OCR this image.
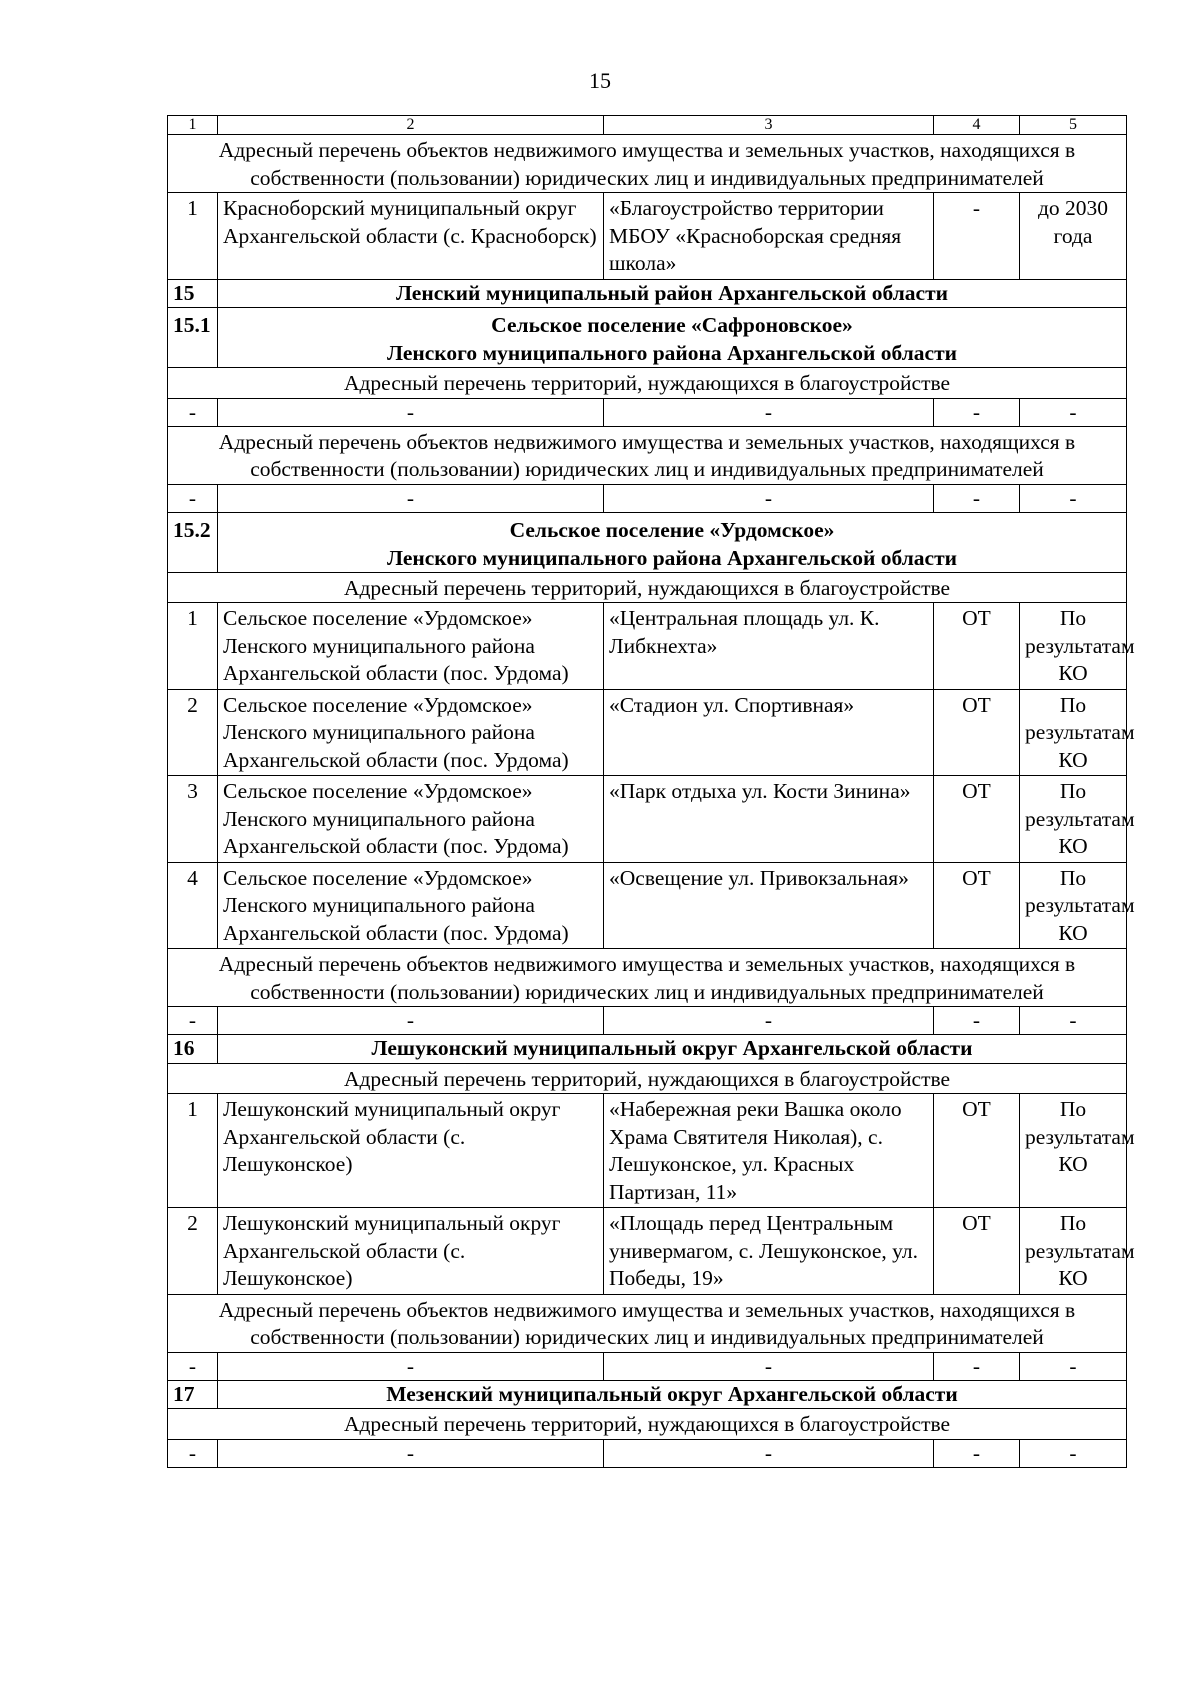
15
1	2	3	4	5
Адресный перечень объектов недвижимого имущества и земельных участков, находящихся в собственности (пользовании) юридических лиц и индивидуальных предпринимателей				
1	Красноборский муниципальный округ Архангельской области (с. Красноборск)	«Благоустройство территории МБОУ «Красноборская средняя школа»	-	до 2030 года
15	Ленский муниципальный район Архангельской области			
15.1	Сельское поселение «Сафроновское»
Ленского муниципального района Архангельской области			

Адресный перечень территорий, нуждающихся в благоустройстве				
-	-	-	-	-
Адресный перечень объектов недвижимого имущества и земельных участков, находящихся в собственности (пользовании) юридических лиц и индивидуальных предпринимателей				
-	-	-	-	-
15.2	Сельское поселение «Урдомское»
Ленского муниципального района Архангельской области			

Адресный перечень территорий, нуждающихся в благоустройстве				
1	Сельское поселение «Урдомское» Ленского муниципального района Архангельской области (пос. Урдома)	«Центральная площадь ул. К. Либкнехта»	ОТ	По результатам КО
2	Сельское поселение «Урдомское» Ленского муниципального района Архангельской области (пос. Урдома)	«Стадион ул. Спортивная»	ОТ	По результатам КО
3	Сельское поселение «Урдомское» Ленского муниципального района Архангельской области (пос. Урдома)	«Парк отдыха ул. Кости Зинина»	ОТ	По результатам КО
4	Сельское поселение «Урдомское» Ленского муниципального района Архангельской области (пос. Урдома)	«Освещение ул. Привокзальная»	ОТ	По результатам КО
Адресный перечень объектов недвижимого имущества и земельных участков, находящихся в собственности (пользовании) юридических лиц и индивидуальных предпринимателей				
-	-	-	-	-
16	Лешуконский муниципальный округ Архангельской области			
Адресный перечень территорий, нуждающихся в благоустройстве				
1	Лешуконский муниципальный округ Архангельской области (с. Лешуконское)	«Набережная реки Вашка около Храма Святителя Николая), с. Лешуконское, ул. Красных Партизан, 11»	ОТ	По результатам КО
2	Лешуконский муниципальный округ Архангельской области (с. Лешуконское)	«Площадь перед Центральным универмагом, с. Лешуконское, ул. Победы, 19»	ОТ	По результатам КО
Адресный перечень объектов недвижимого имущества и земельных участков, находящихся в собственности (пользовании) юридических лиц и индивидуальных предпринимателей				
-	-	-	-	-
17	Мезенский муниципальный округ Архангельской области			
Адресный перечень территорий, нуждающихся в благоустройстве				
-	-	-	-	-
